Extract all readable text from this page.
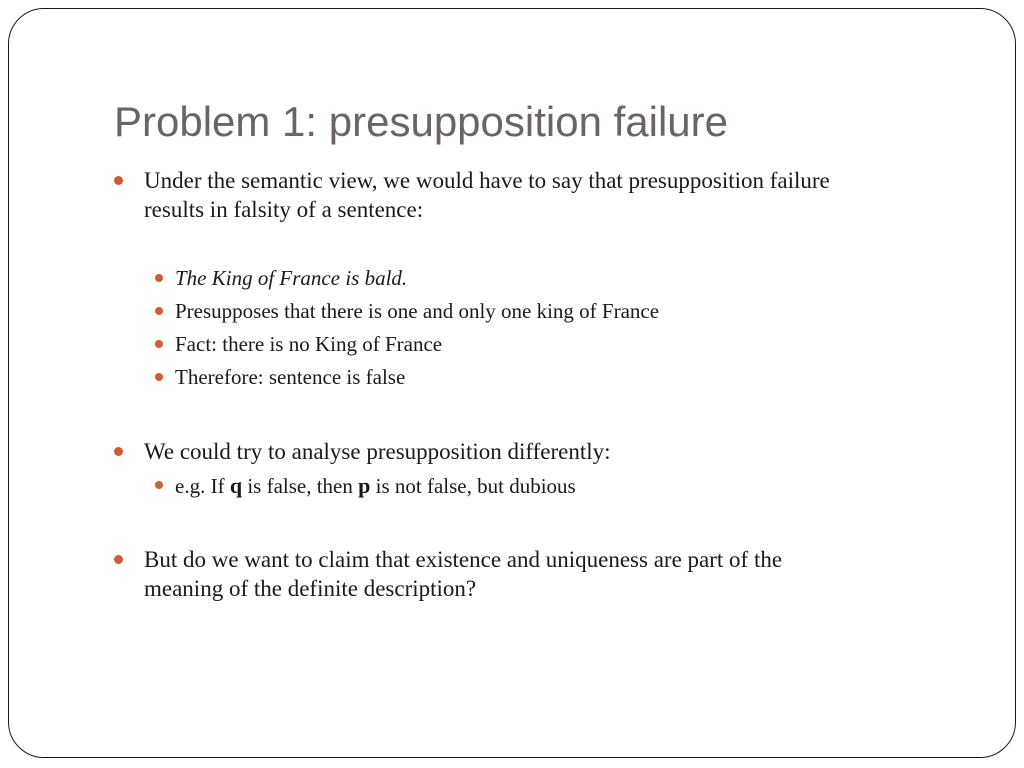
Problem 1: presupposition failure
Under the semantic view, we would have to say that presupposition failure
results in falsity of a sentence:
The King of France is bald.
Presupposes that there is one and only one king of France
Fact: there is no King of France
Therefore: sentence is false
We could try to analyse presupposition differently:
e.g. If q is false, then p is not false, but dubious
But do we want to claim that existence and uniqueness are part of the
meaning of the definite description?
